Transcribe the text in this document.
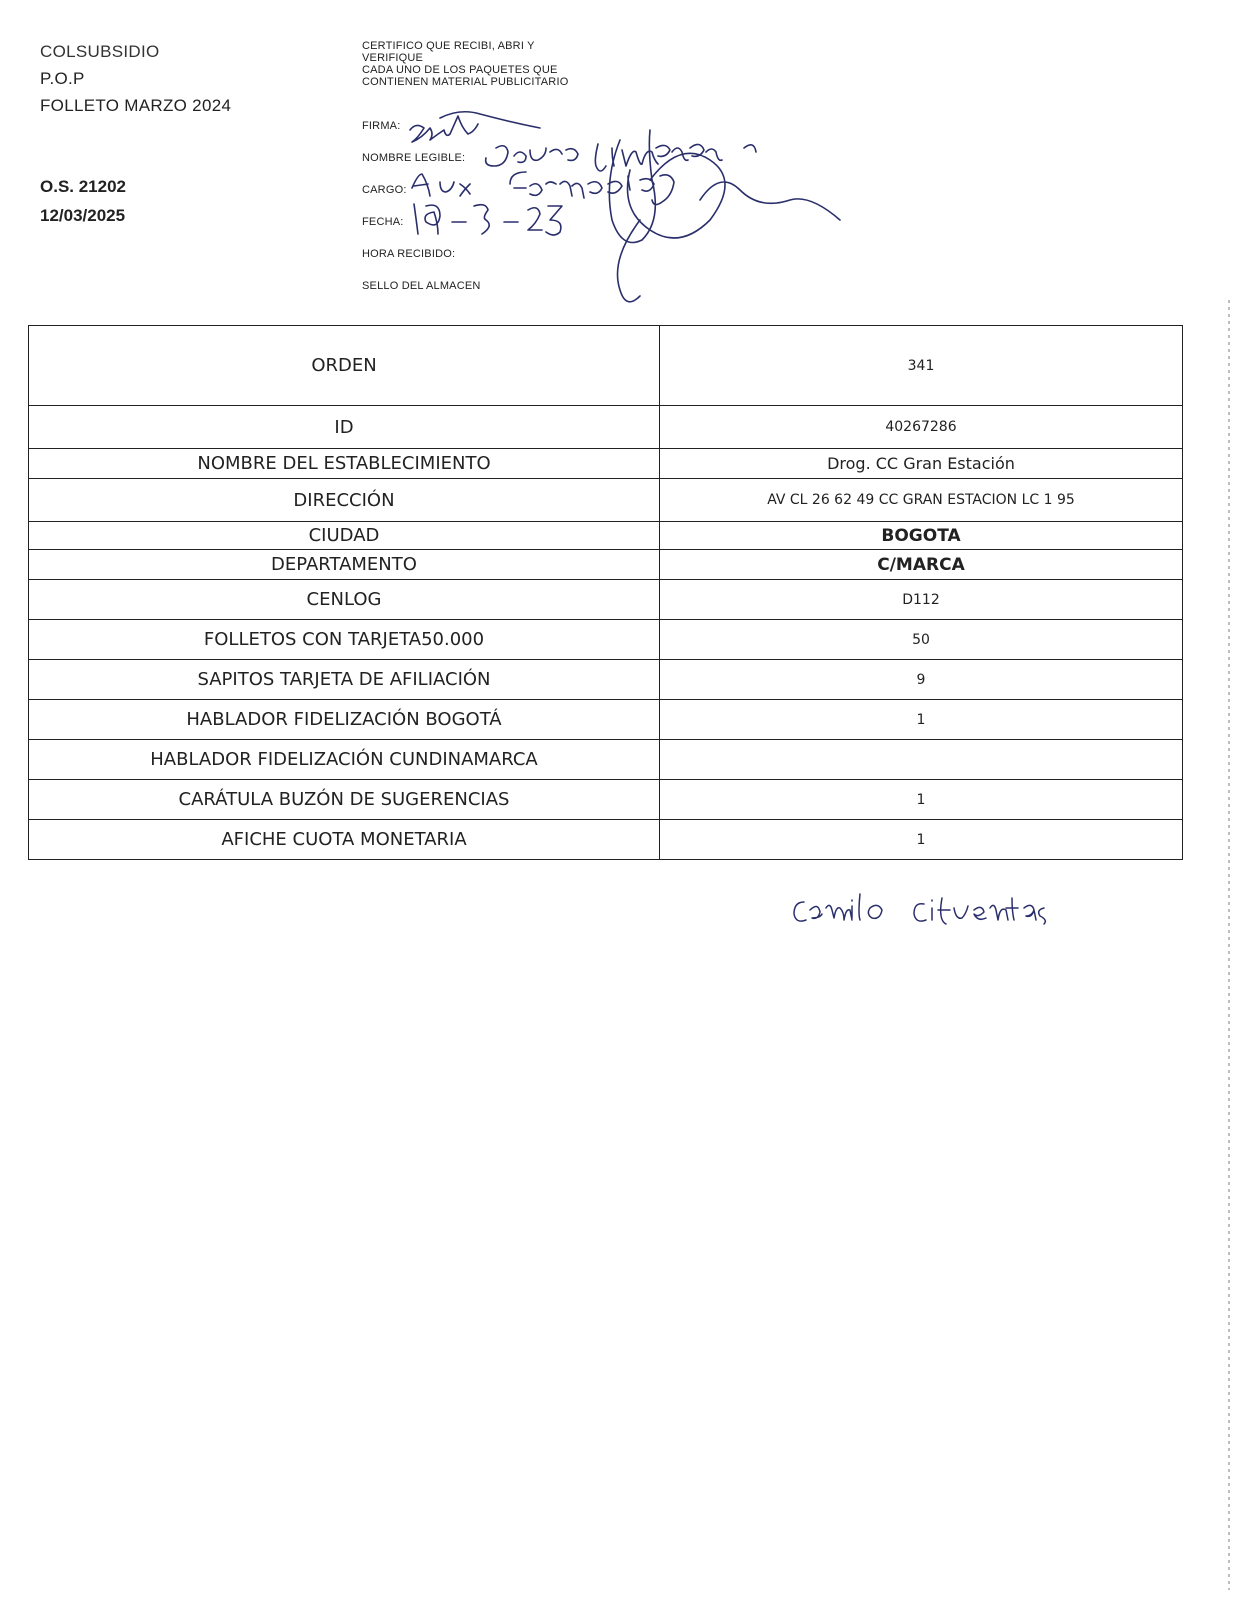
COLSUBSIDIO
P.O.P
FOLLETO MARZO 2024
O.S. 21202
12/03/2025
CERTIFICO QUE RECIBI, ABRI Y
VERIFIQUE
CADA UNO DE LOS PAQUETES QUE
CONTIENEN MATERIAL PUBLICITARIO
FIRMA:
NOMBRE LEGIBLE:
CARGO:
FECHA:
HORA RECIBIDO:
SELLO DEL ALMACEN
ORDEN	341
ID	40267286
NOMBRE DEL ESTABLECIMIENTO	Drog. CC Gran Estación
DIRECCIÓN	AV CL 26 62 49 CC GRAN ESTACION LC 1 95
CIUDAD	BOGOTA
DEPARTAMENTO	C/MARCA
CENLOG	D112
FOLLETOS CON TARJETA50.000	50
SAPITOS TARJETA DE AFILIACIÓN	9
HABLADOR FIDELIZACIÓN BOGOTÁ	1
HABLADOR FIDELIZACIÓN CUNDINAMARCA	
CARÁTULA BUZÓN DE SUGERENCIAS	1
AFICHE CUOTA MONETARIA	1
